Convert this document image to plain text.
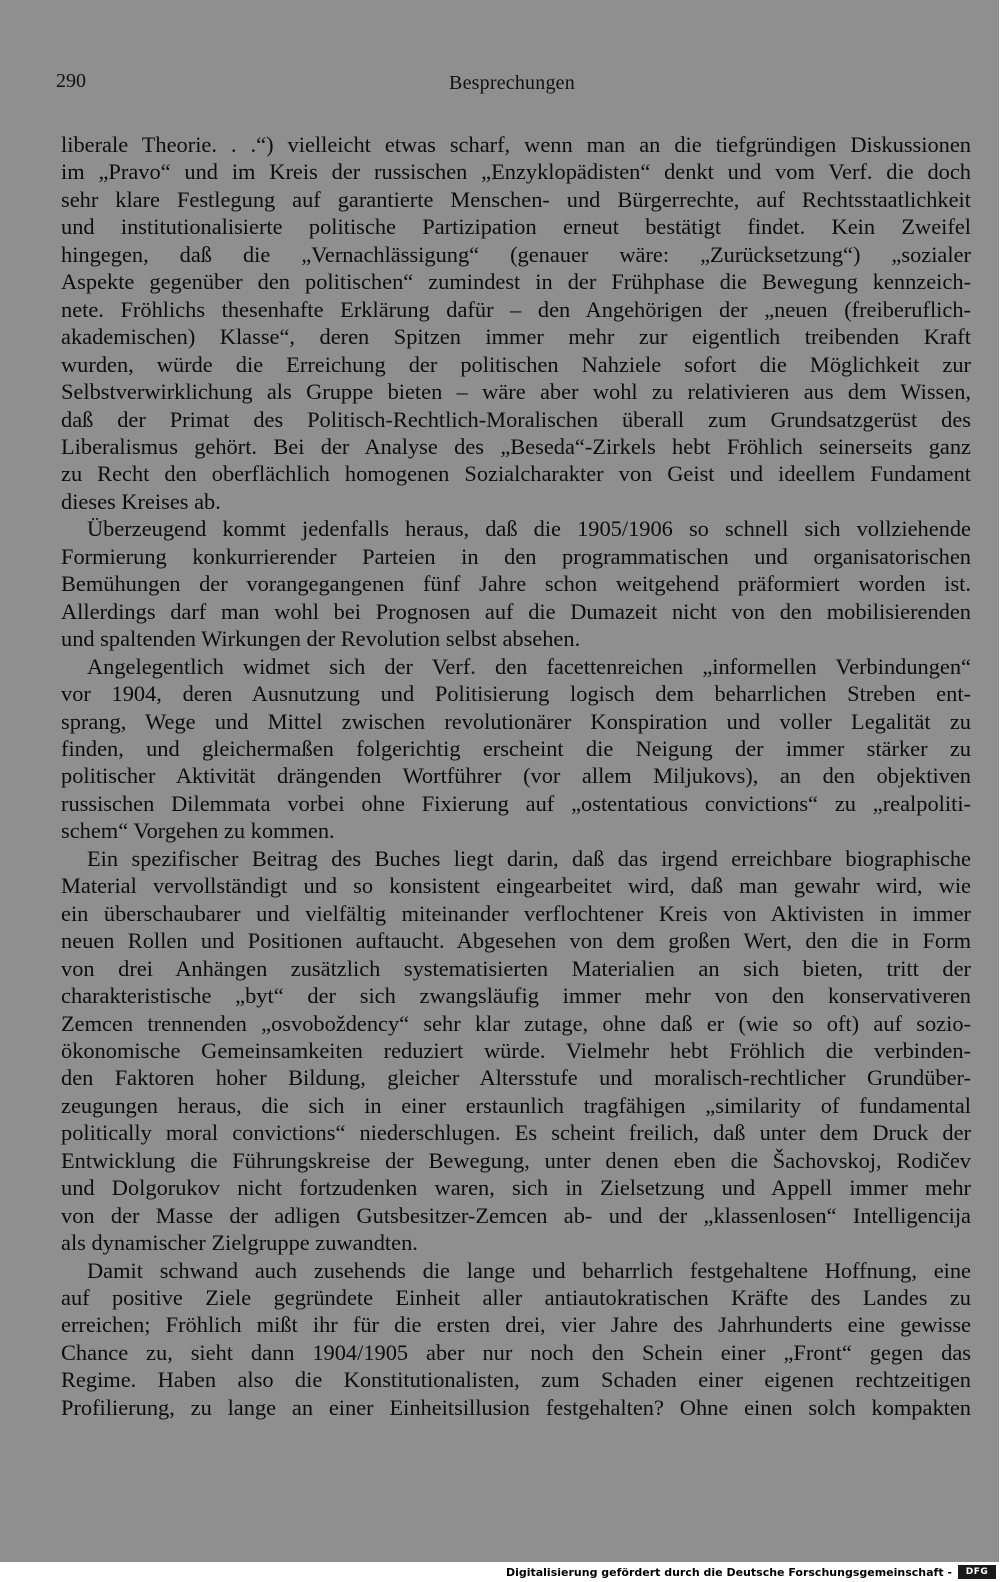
290	Besprechungen
liberale Theorie. . .“) vielleicht etwas scharf, wenn man an die tiefgründigen Diskussionen
im „Pravo“ und im Kreis der russischen „Enzyklopädisten“ denkt und vom Verf. die doch
sehr klare Festlegung auf garantierte Menschen- und Bürgerrechte, auf Rechtsstaatlichkeit
und institutionalisierte politische Partizipation erneut bestätigt findet. Kein Zweifel
hingegen, daß die „Vernachlässigung“ (genauer wäre: „Zurücksetzung“) „sozialer
Aspekte gegenüber den politischen“ zumindest in der Frühphase die Bewegung kennzeich-
nete. Fröhlichs thesenhafte Erklärung dafür – den Angehörigen der „neuen (freiberuflich-
akademischen) Klasse“, deren Spitzen immer mehr zur eigentlich treibenden Kraft
wurden, würde die Erreichung der politischen Nahziele sofort die Möglichkeit zur
Selbstverwirklichung als Gruppe bieten – wäre aber wohl zu relativieren aus dem Wissen,
daß der Primat des Politisch-Rechtlich-Moralischen überall zum Grundsatzgerüst des
Liberalismus gehört. Bei der Analyse des „Beseda“-Zirkels hebt Fröhlich seinerseits ganz
zu Recht den oberflächlich homogenen Sozialcharakter von Geist und ideellem Fundament
dieses Kreises ab.
Überzeugend kommt jedenfalls heraus, daß die 1905/1906 so schnell sich vollziehende
Formierung konkurrierender Parteien in den programmatischen und organisatorischen
Bemühungen der vorangegangenen fünf Jahre schon weitgehend präformiert worden ist.
Allerdings darf man wohl bei Prognosen auf die Dumazeit nicht von den mobilisierenden
und spaltenden Wirkungen der Revolution selbst absehen.
Angelegentlich widmet sich der Verf. den facettenreichen „informellen Verbindungen“
vor 1904, deren Ausnutzung und Politisierung logisch dem beharrlichen Streben ent-
sprang, Wege und Mittel zwischen revolutionärer Konspiration und voller Legalität zu
finden, und gleichermaßen folgerichtig erscheint die Neigung der immer stärker zu
politischer Aktivität drängenden Wortführer (vor allem Miljukovs), an den objektiven
russischen Dilemmata vorbei ohne Fixierung auf „ostentatious convictions“ zu „realpoliti-
schem“ Vorgehen zu kommen.
Ein spezifischer Beitrag des Buches liegt darin, daß das irgend erreichbare biographische
Material vervollständigt und so konsistent eingearbeitet wird, daß man gewahr wird, wie
ein überschaubarer und vielfältig miteinander verflochtener Kreis von Aktivisten in immer
neuen Rollen und Positionen auftaucht. Abgesehen von dem großen Wert, den die in Form
von drei Anhängen zusätzlich systematisierten Materialien an sich bieten, tritt der
charakteristische „byt“ der sich zwangsläufig immer mehr von den konservativeren
Zemcen trennenden „osvoboždency“ sehr klar zutage, ohne daß er (wie so oft) auf sozio-
ökonomische Gemeinsamkeiten reduziert würde. Vielmehr hebt Fröhlich die verbinden-
den Faktoren hoher Bildung, gleicher Altersstufe und moralisch-rechtlicher Grundüber-
zeugungen heraus, die sich in einer erstaunlich tragfähigen „similarity of fundamental
politically moral convictions“ niederschlugen. Es scheint freilich, daß unter dem Druck der
Entwicklung die Führungskreise der Bewegung, unter denen eben die Šachovskoj, Rodičev
und Dolgorukov nicht fortzudenken waren, sich in Zielsetzung und Appell immer mehr
von der Masse der adligen Gutsbesitzer-Zemcen ab- und der „klassenlosen“ Intelligencija
als dynamischer Zielgruppe zuwandten.
Damit schwand auch zusehends die lange und beharrlich festgehaltene Hoffnung, eine
auf positive Ziele gegründete Einheit aller antiautokratischen Kräfte des Landes zu
erreichen; Fröhlich mißt ihr für die ersten drei, vier Jahre des Jahrhunderts eine gewisse
Chance zu, sieht dann 1904/1905 aber nur noch den Schein einer „Front“ gegen das
Regime. Haben also die Konstitutionalisten, zum Schaden einer eigenen rechtzeitigen
Profilierung, zu lange an einer Einheitsillusion festgehalten? Ohne einen solch kompakten
Digitalisierung gefördert durch die Deutsche Forschungsgemeinschaft -	DFG
